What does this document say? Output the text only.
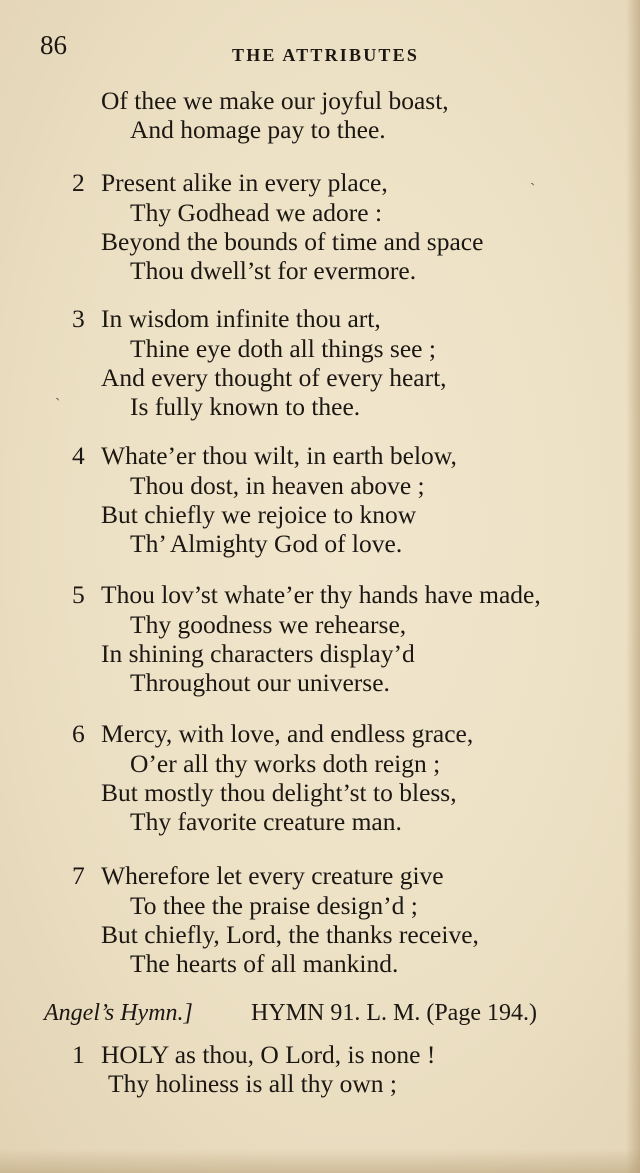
86	THE ATTRIBUTES
Of thee we make our joyful boast,
And homage pay to thee.
2 Present alike in every place,
Thy Godhead we adore :
Beyond the bounds of time and space
Thou dwell’st for evermore.
3 In wisdom infinite thou art,
Thine eye doth all things see ;
And every thought of every heart,
Is fully known to thee.
4 Whate’er thou wilt, in earth below,
Thou dost, in heaven above ;
But chiefly we rejoice to know
Th’ Almighty God of love.
5 Thou lov’st whate’er thy hands have made,
Thy goodness we rehearse,
In shining characters display’d
Throughout our universe.
6 Mercy, with love, and endless grace,
O’er all thy works doth reign ;
But mostly thou delight’st to bless,
Thy favorite creature man.
7 Wherefore let every creature give
To thee the praise design’d ;
But chiefly, Lord, the thanks receive,
The hearts of all mankind.
Angel’s Hymn.] HYMN 91. L. M. (Page 194.)
1 HOLY as thou, O Lord, is none !
Thy holiness is all thy own ;
ˋ
ˋ
